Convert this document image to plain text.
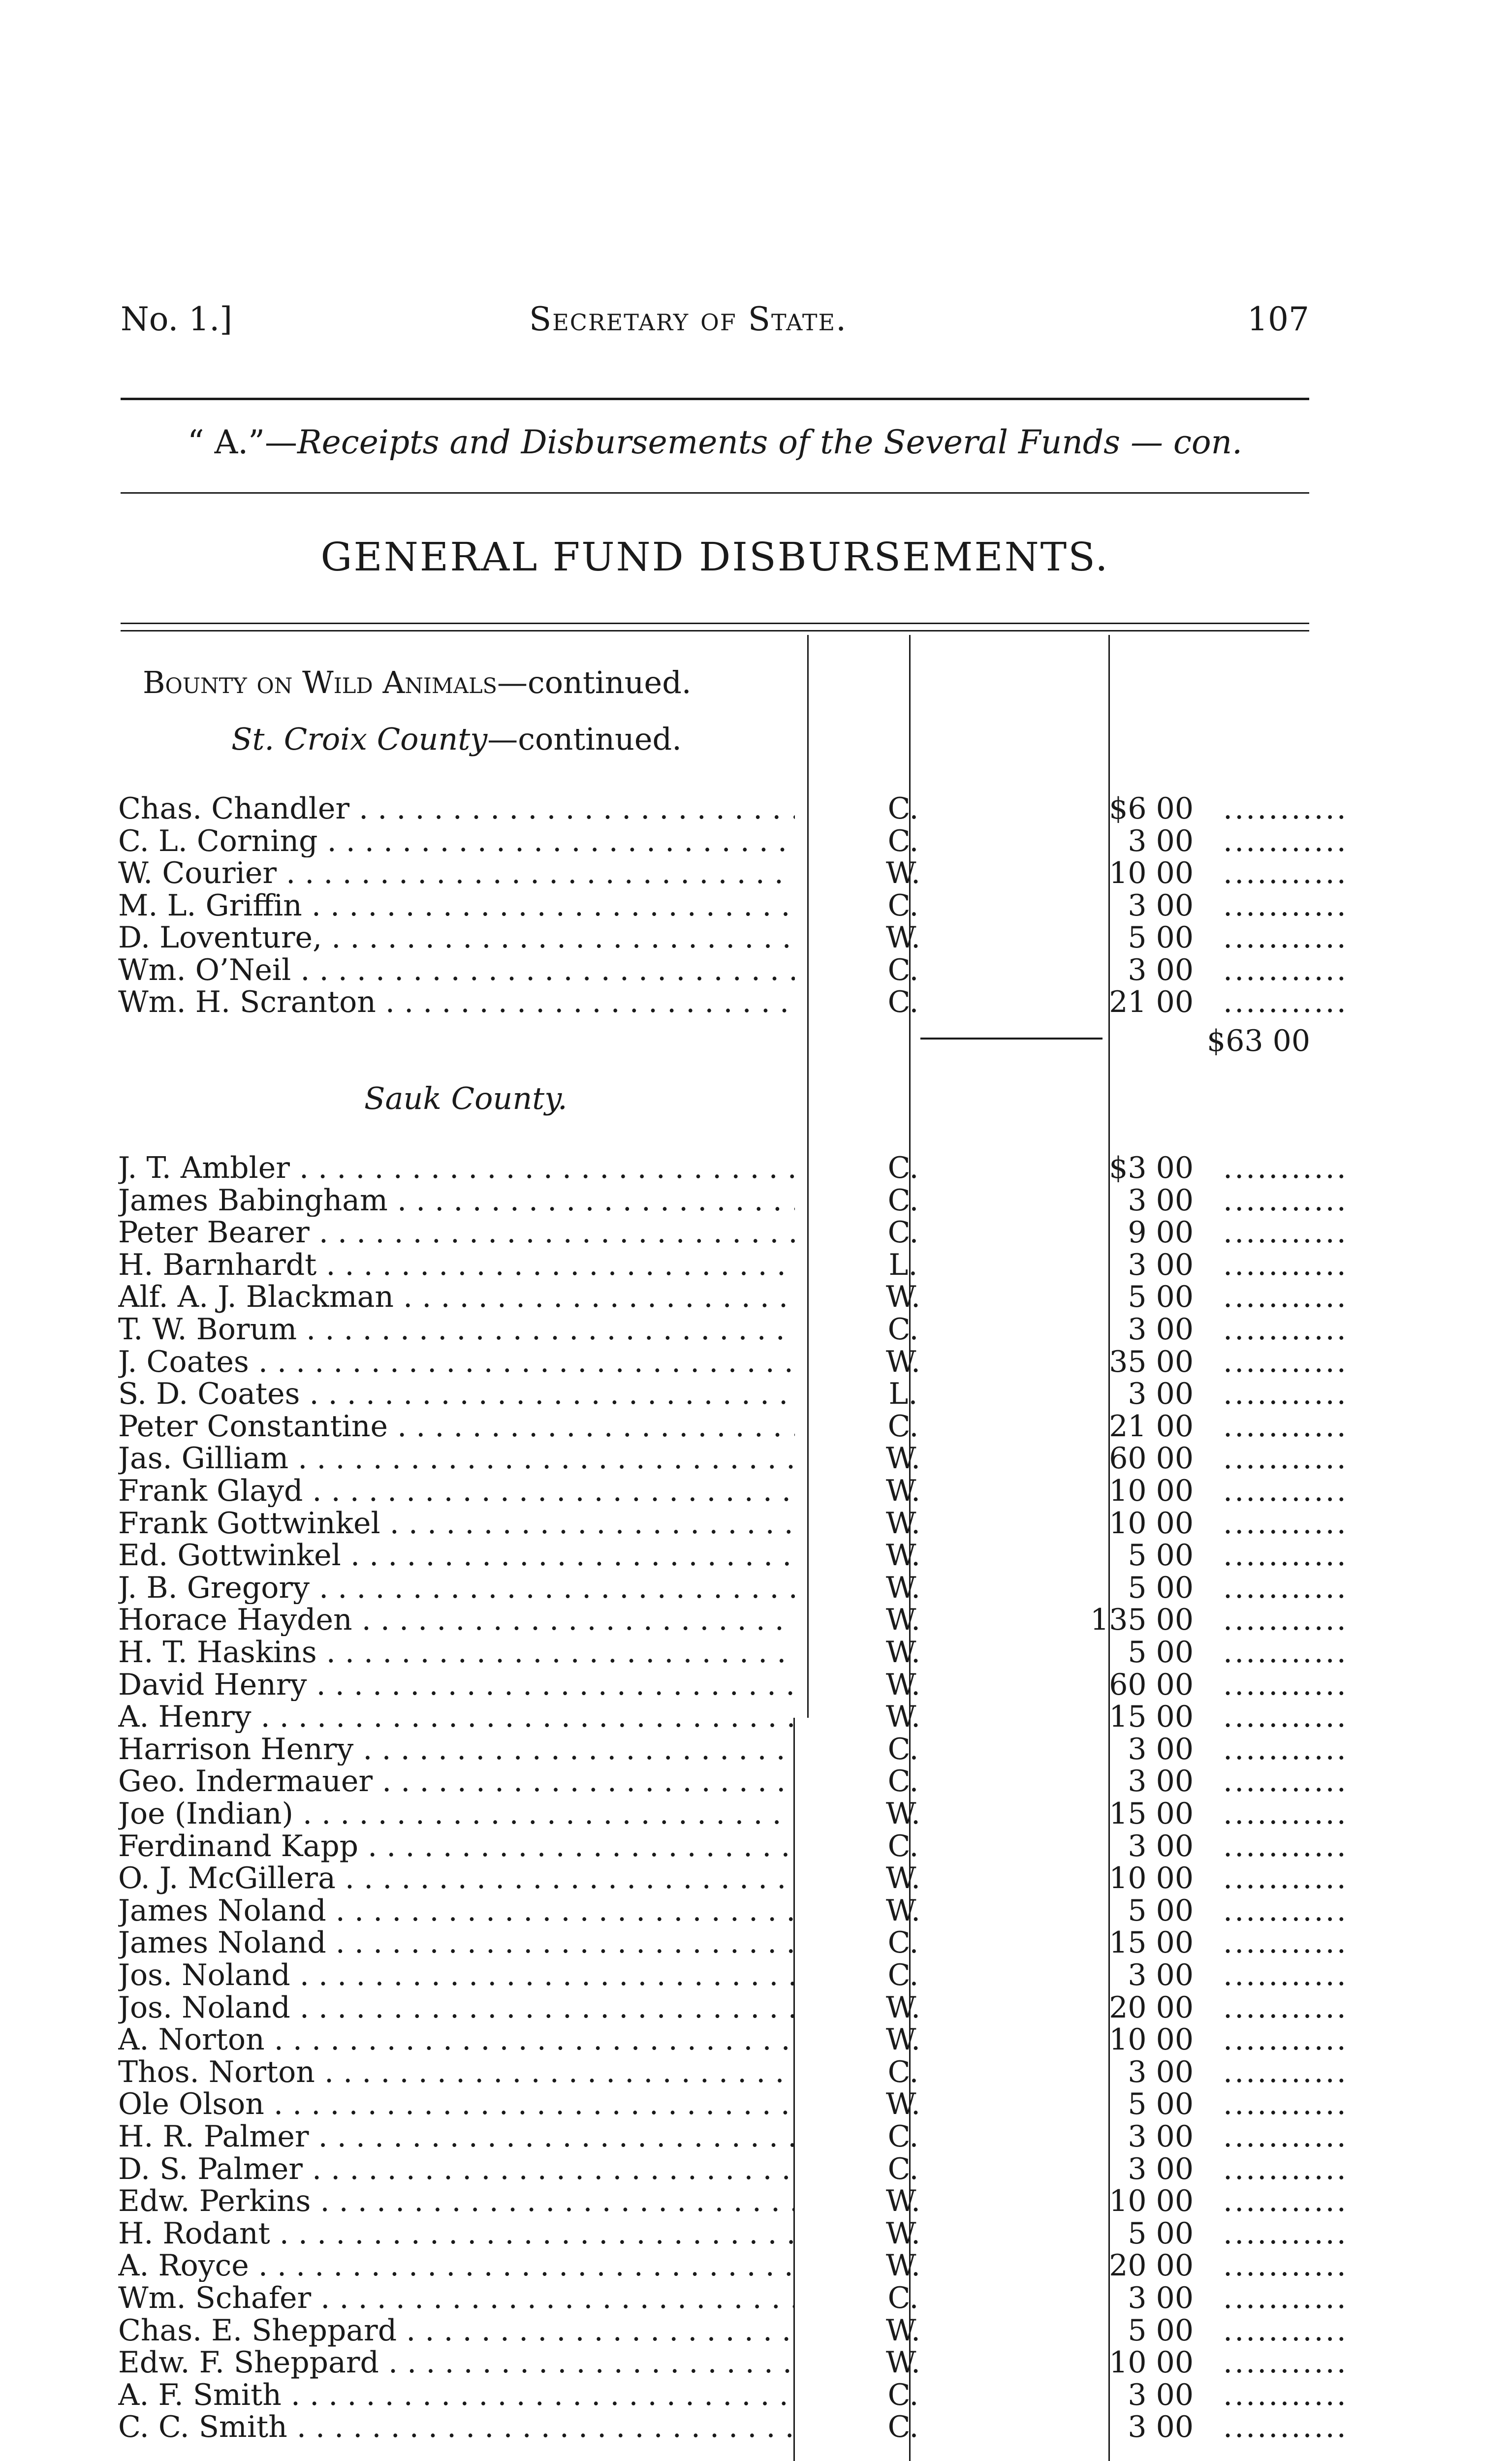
No. 1.]	Secretary of State.	107
“ A.”—Receipts and Disbursements of the Several Funds — con.
GENERAL FUND DISBURSEMENTS.
Bounty on Wild Animals—continued.
St. Croix County—continued.
Chas. Chandler . . .	C.	$6 00	...........
C. L. Corning . . .	C.	3 00	...........
W. Courier . . .	W.	10 00	...........
M. L. Griffin . . .	C.	3 00	...........
D. Loventure, . . .	W.	5 00	...........
Wm. O’Neil . . .	C.	3 00	...........
Wm. H. Scranton . . .	C.	21 00	...........
$63 00
Sauk County.
J. T. Ambler . . .	C.	$3 00	...........
James Babingham . . .	C.	3 00	...........
Peter Bearer . . .	C.	9 00	...........
H. Barnhardt . . .	L.	3 00	...........
Alf. A. J. Blackman . . .	W.	5 00	...........
T. W. Borum . . .	C.	3 00	...........
J. Coates . . .	W.	35 00	...........
S. D. Coates . . .	L.	3 00	...........
Peter Constantine . . .	C.	21 00	...........
Jas. Gilliam . . .	W.	60 00	...........
Frank Glayd . . .	W.	10 00	...........
Frank Gottwinkel . . .	W.	10 00	...........
Ed. Gottwinkel . . .	W.	5 00	...........
J. B. Gregory . . .	W.	5 00	...........
Horace Hayden . . .	W.	135 00	...........
H. T. Haskins . . .	W.	5 00	...........
David Henry . . .	W.	60 00	...........
A. Henry . . .	W.	15 00	...........
Harrison Henry . . .	C.	3 00	...........
Geo. Indermauer . . .	C.	3 00	...........
Joe (Indian) . . .	W.	15 00	...........
Ferdinand Kapp . . .	C.	3 00	...........
O. J. McGillera . . .	W.	10 00	...........
James Noland . . .	W.	5 00	...........
James Noland . . .	C.	15 00	...........
Jos. Noland . . .	C.	3 00	...........
Jos. Noland . . .	W.	20 00	...........
A. Norton . . .	W.	10 00	...........
Thos. Norton . . .	C.	3 00	...........
Ole Olson . . .	W.	5 00	...........
H. R. Palmer . . .	C.	3 00	...........
D. S. Palmer . . .	C.	3 00	...........
Edw. Perkins . . .	W.	10 00	...........
H. Rodant . . .	W.	5 00	...........
A. Royce . . .	W.	20 00	...........
Wm. Schafer . . .	C.	3 00	...........
Chas. E. Sheppard . . .	W.	5 00	...........
Edw. F. Sheppard . . .	W.	10 00	...........
A. F. Smith . . .	C.	3 00	...........
C. C. Smith . . .	C.	3 00	...........
